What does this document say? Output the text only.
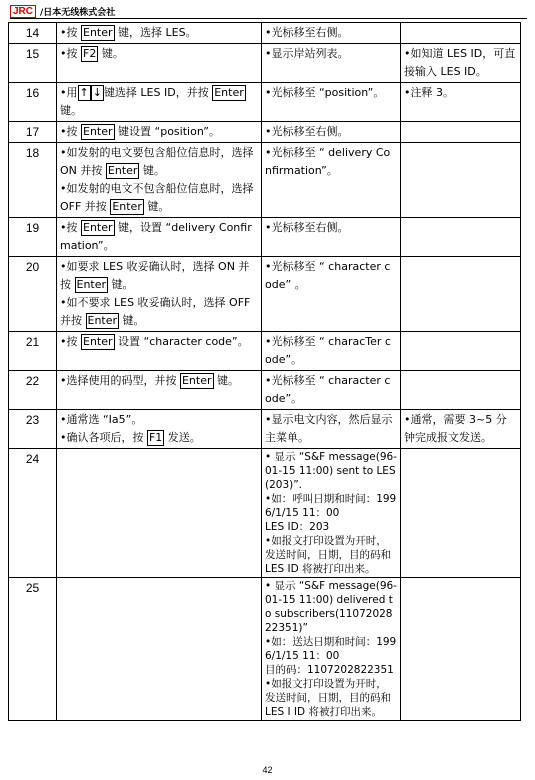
JRC /日本无线株式会社
14	•按 Enter 键，选择 LES。	•光标移至右侧。	

15	•按 F2 键。	•显示岸站列表。	•如知道 LES ID，可直接输入 LES ID。

16	•用 ↑ ↓ 键选择 LES ID，并按 Enter 键。	•光标移至 “position”。	•注释 3。

17	•按 Enter 键设置 “position”。	•光标移至右侧。	

18	•如发射的电文要包含船位信息时，选择 ON 并按 Enter 键。
•如发射的电文不包含船位信息时，选择 OFF 并按 Enter 键。	•光标移至 “ delivery Confirmation”。	

19	•按 Enter 键，设置 “delivery Confirmation”。	•光标移至右侧。	

20	•如要求 LES 收妥确认时，选择 ON 并按 Enter 键。
•如不要求 LES 收妥确认时，选择 OFF 并按 Enter 键。	•光标移至 “ character code” 。	

21	•按 Enter 设置 “character code”。	•光标移至 “ characTer code”。	

22	•选择使用的码型，并按 Enter 键。	•光标移至 “ character code”。	

23	•通常选 “Ia5”。
•确认各项后，按 F1 发送。	•显示电文内容，然后显示主菜单。	•通常，需要 3~5 分钟完成报文发送。

24		• 显示 “S&F message(96-01-15 11:00) sent to LES(203)”.
•如：呼叫日期和时间：1996/1/15 11：00
LES ID：203
•如报文打印设置为开时，发送时间，日期，目的码和 LES ID 将被打印出来。	

25		• 显示 “S&F message(96-01-15 11:00) delivered to subscribers(1107202822351)”
•如：送达日期和时间：1996/1/15 11：00
目的码：1107202822351
•如报文打印设置为开时，发送时间，日期，目的码和 LES I ID 将被打印出来。	

42
